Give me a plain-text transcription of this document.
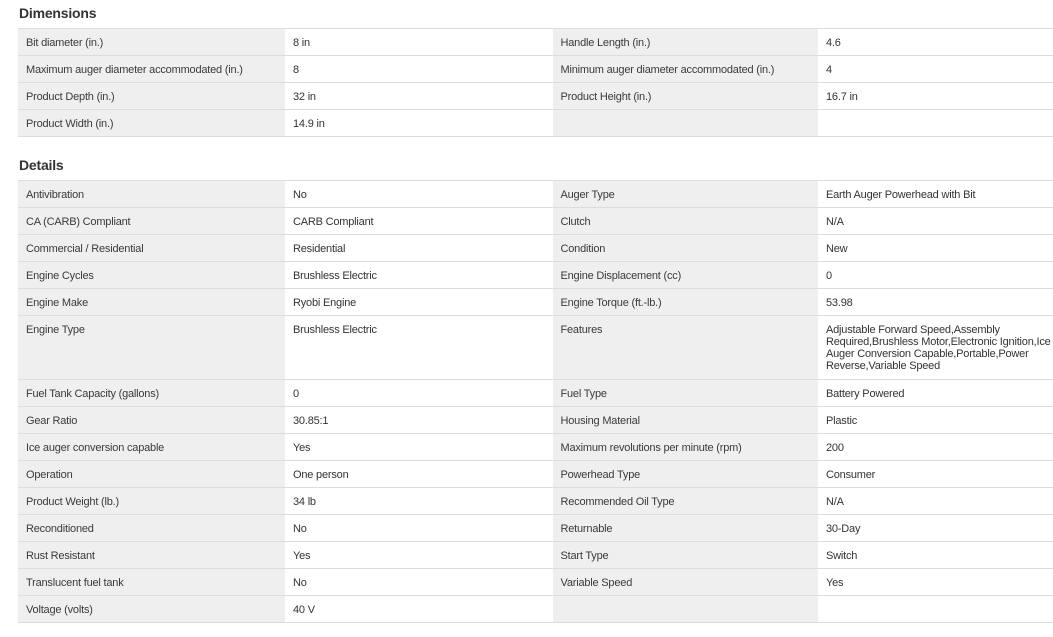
Dimensions
Bit diameter (in.)	8 in	Handle Length (in.)	4.6
Maximum auger diameter accommodated (in.)	8	Minimum auger diameter accommodated (in.)	4
Product Depth (in.)	32 in	Product Height (in.)	16.7 in
Product Width (in.)	14.9 in		
Details
Antivibration	No	Auger Type	Earth Auger Powerhead with Bit
CA (CARB) Compliant	CARB Compliant	Clutch	N/A
Commercial / Residential	Residential	Condition	New
Engine Cycles	Brushless Electric	Engine Displacement (cc)	0
Engine Make	Ryobi Engine	Engine Torque (ft.-lb.)	53.98
Engine Type	Brushless Electric	Features	Adjustable Forward Speed,Assembly Required,Brushless Motor,Electronic Ignition,Ice Auger Conversion Capable,Portable,Power Reverse,Variable Speed
Fuel Tank Capacity (gallons)	0	Fuel Type	Battery Powered
Gear Ratio	30.85:1	Housing Material	Plastic
Ice auger conversion capable	Yes	Maximum revolutions per minute (rpm)	200
Operation	One person	Powerhead Type	Consumer
Product Weight (lb.)	34 lb	Recommended Oil Type	N/A
Reconditioned	No	Returnable	30-Day
Rust Resistant	Yes	Start Type	Switch
Translucent fuel tank	No	Variable Speed	Yes
Voltage (volts)	40 V		
